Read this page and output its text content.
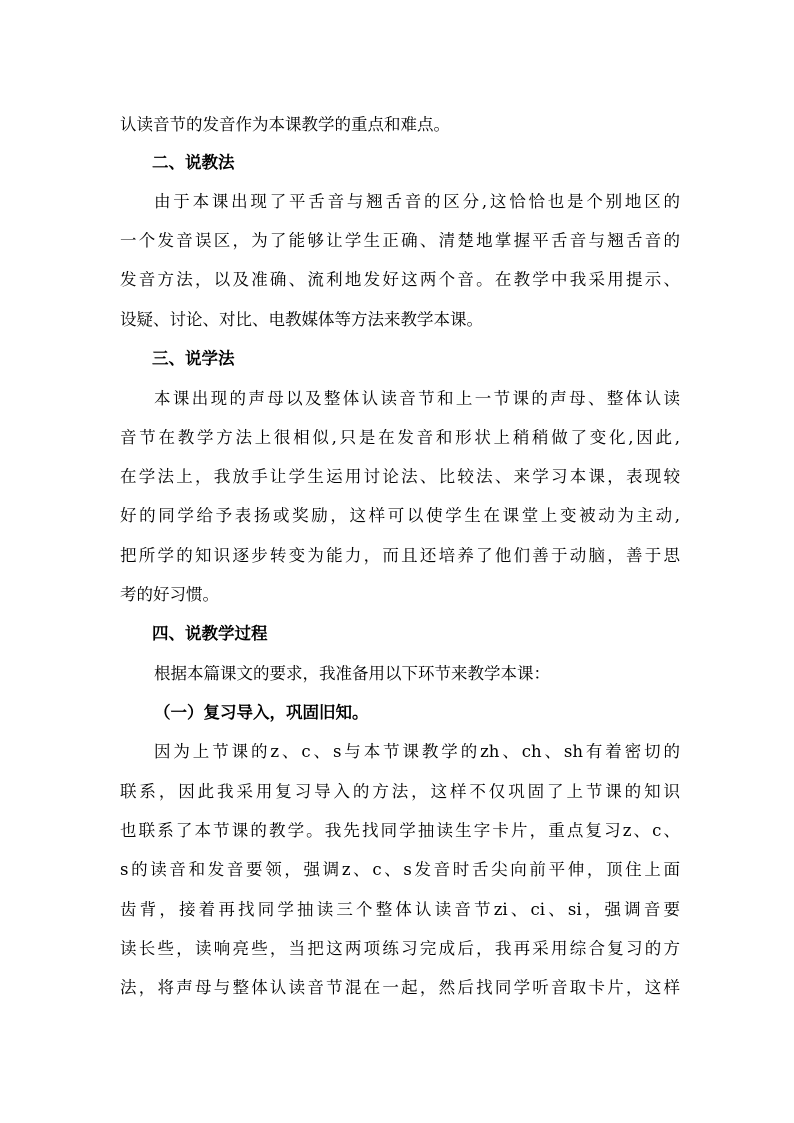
认读音节的发音作为本课教学的重点和难点。
二、说教法
由于本课出现了平舌音与翘舌音的区分,这恰恰也是个别地区的
一个发音误区，为了能够让学生正确、清楚地掌握平舌音与翘舌音的
发音方法，以及准确、流利地发好这两个音。在教学中我采用提示、
设疑、讨论、对比、电教媒体等方法来教学本课。
三、说学法
本课出现的声母以及整体认读音节和上一节课的声母、整体认读
音节在教学方法上很相似,只是在发音和形状上稍稍做了变化,因此,
在学法上，我放手让学生运用讨论法、比较法、来学习本课，表现较
好的同学给予表扬或奖励，这样可以使学生在课堂上变被动为主动,
把所学的知识逐步转变为能力，而且还培养了他们善于动脑，善于思
考的好习惯。
四、说教学过程
根据本篇课文的要求，我准备用以下环节来教学本课：
（一）复习导入，巩固旧知。
因为上节课的z、c、s与本节课教学的zh、ch、sh有着密切的
联系，因此我采用复习导入的方法，这样不仅巩固了上节课的知识
也联系了本节课的教学。我先找同学抽读生字卡片，重点复习z、c、
s的读音和发音要领，强调z、c、s发音时舌尖向前平伸，顶住上面
齿背，接着再找同学抽读三个整体认读音节zi、ci、si，强调音要
读长些，读响亮些，当把这两项练习完成后，我再采用综合复习的方
法，将声母与整体认读音节混在一起，然后找同学听音取卡片，这样
